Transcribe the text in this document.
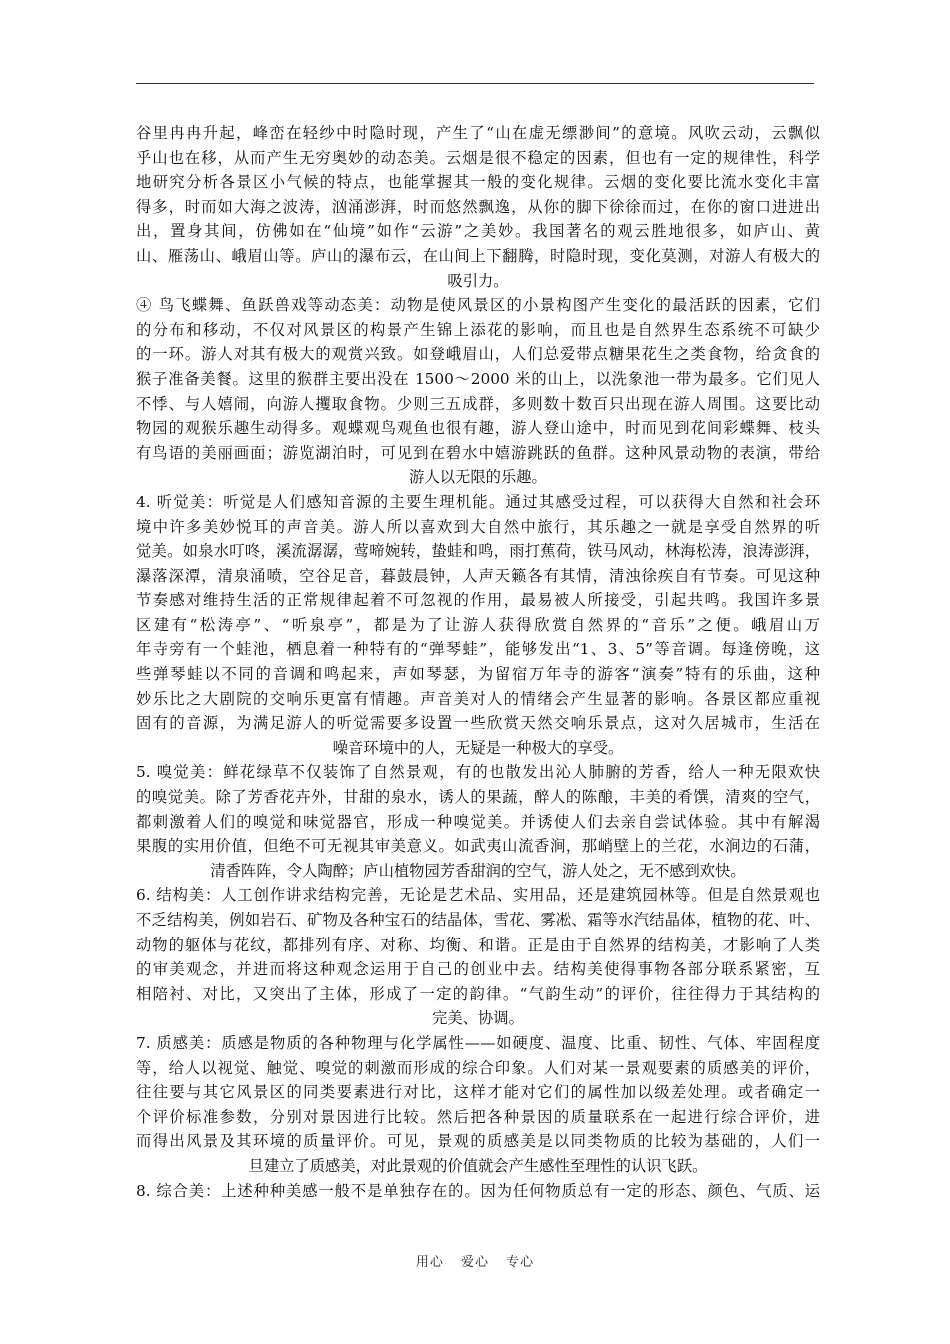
谷里冉冉升起，峰峦在轻纱中时隐时现，产生了“山在虚无缥渺间”的意境。风吹云动，云飘似
乎山也在移，从而产生无穷奥妙的动态美。云烟是很不稳定的因素，但也有一定的规律性，科学
地研究分析各景区小气候的特点，也能掌握其一般的变化规律。云烟的变化要比流水变化丰富
得多，时而如大海之波涛，汹涌澎湃，时而悠然飘逸，从你的脚下徐徐而过，在你的窗口进进出
出，置身其间，仿佛如在“仙境”如作“云游”之美妙。我国著名的观云胜地很多，如庐山、黄
山、雁荡山、峨眉山等。庐山的瀑布云，在山间上下翻腾，时隐时现，变化莫测，对游人有极大的
吸引力。
④ 鸟飞蝶舞、鱼跃兽戏等动态美：动物是使风景区的小景构图产生变化的最活跃的因素，它们
的分布和移动，不仅对风景区的构景产生锦上添花的影响，而且也是自然界生态系统不可缺少
的一环。游人对其有极大的观赏兴致。如登峨眉山，人们总爱带点糖果花生之类食物，给贪食的
猴子准备美餐。这里的猴群主要出没在 1500～2000 米的山上，以洗象池一带为最多。它们见人
不悸、与人嬉闹，向游人攫取食物。少则三五成群，多则数十数百只出现在游人周围。这要比动
物园的观猴乐趣生动得多。观蝶观鸟观鱼也很有趣，游人登山途中，时而见到花间彩蝶舞、枝头
有鸟语的美丽画面；游览湖泊时，可见到在碧水中嬉游跳跃的鱼群。这种风景动物的表演，带给
游人以无限的乐趣。
4. 听觉美：听觉是人们感知音源的主要生理机能。通过其感受过程，可以获得大自然和社会环
境中许多美妙悦耳的声音美。游人所以喜欢到大自然中旅行，其乐趣之一就是享受自然界的听
觉美。如泉水叮咚，溪流潺潺，莺啼婉转，蛰蛙和鸣，雨打蕉荷，铁马风动，林海松涛，浪涛澎湃，
瀑落深潭，清泉涌喷，空谷足音，暮鼓晨钟，人声天籁各有其情，清浊徐疾自有节奏。可见这种
节奏感对维持生活的正常规律起着不可忽视的作用，最易被人所接受，引起共鸣。我国许多景
区建有“松涛亭”、“听泉亭”，都是为了让游人获得欣赏自然界的“音乐”之便。峨眉山万
年寺旁有一个蛙池，栖息着一种特有的“弹琴蛙”，能够发出“1、3、5”等音调。每逢傍晚，这
些弹琴蛙以不同的音调和鸣起来，声如琴瑟，为留宿万年寺的游客“演奏”特有的乐曲，这种
妙乐比之大剧院的交响乐更富有情趣。声音美对人的情绪会产生显著的影响。各景区都应重视
固有的音源，为满足游人的听觉需要多设置一些欣赏天然交响乐景点，这对久居城市，生活在
噪音环境中的人，无疑是一种极大的享受。
5. 嗅觉美：鲜花绿草不仅装饰了自然景观，有的也散发出沁人肺腑的芳香，给人一种无限欢快
的嗅觉美。除了芳香花卉外，甘甜的泉水，诱人的果蔬，醉人的陈酿，丰美的肴馔，清爽的空气，
都刺激着人们的嗅觉和味觉器官，形成一种嗅觉美。并诱使人们去亲自尝试体验。其中有解渴
果腹的实用价值，但绝不可无视其审美意义。如武夷山流香涧，那峭壁上的兰花，水涧边的石蒲，
清香阵阵，令人陶醉；庐山植物园芳香甜润的空气，游人处之，无不感到欢快。
6. 结构美：人工创作讲求结构完善，无论是艺术品、实用品，还是建筑园林等。但是自然景观也
不乏结构美，例如岩石、矿物及各种宝石的结晶体，雪花、雾凇、霜等水汽结晶体，植物的花、叶、
动物的躯体与花纹，都排列有序、对称、均衡、和谐。正是由于自然界的结构美，才影响了人类
的审美观念，并进而将这种观念运用于自己的创业中去。结构美使得事物各部分联系紧密，互
相陪衬、对比，又突出了主体，形成了一定的韵律。“气韵生动”的评价，往往得力于其结构的
完美、协调。
7. 质感美：质感是物质的各种物理与化学属性——如硬度、温度、比重、韧性、气体、牢固程度
等，给人以视觉、触觉、嗅觉的刺激而形成的综合印象。人们对某一景观要素的质感美的评价，
往往要与其它风景区的同类要素进行对比，这样才能对它们的属性加以级差处理。或者确定一
个评价标准参数，分别对景因进行比较。然后把各种景因的质量联系在一起进行综合评价，进
而得出风景及其环境的质量评价。可见，景观的质感美是以同类物质的比较为基础的，人们一
旦建立了质感美，对此景观的价值就会产生感性至理性的认识飞跃。
8. 综合美：上述种种美感一般不是单独存在的。因为任何物质总有一定的形态、颜色、气质、运
用心 爱心 专心
